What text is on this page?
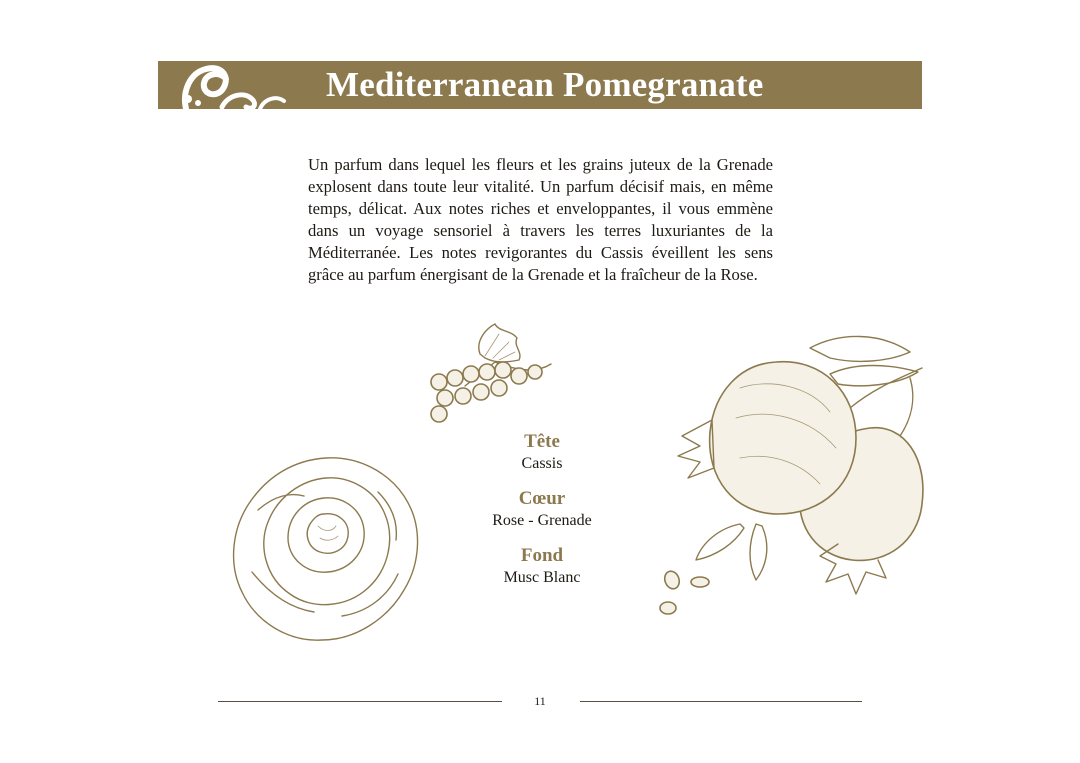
Mediterranean Pomegranate

Un parfum dans lequel les fleurs et les grains juteux de la Grenade explosent dans toute leur vitalité. Un parfum décisif mais, en même temps, délicat. Aux notes riches et enveloppantes, il vous emmène dans un voyage sensoriel à travers les terres luxuriantes de la Méditerranée. Les notes revigorantes du Cassis éveillent les sens grâce au parfum énergisant de la Grenade et la fraîcheur de la Rose.

Tête
Cassis
Cœur
Rose - Grenade
Fond
Musc Blanc
11
